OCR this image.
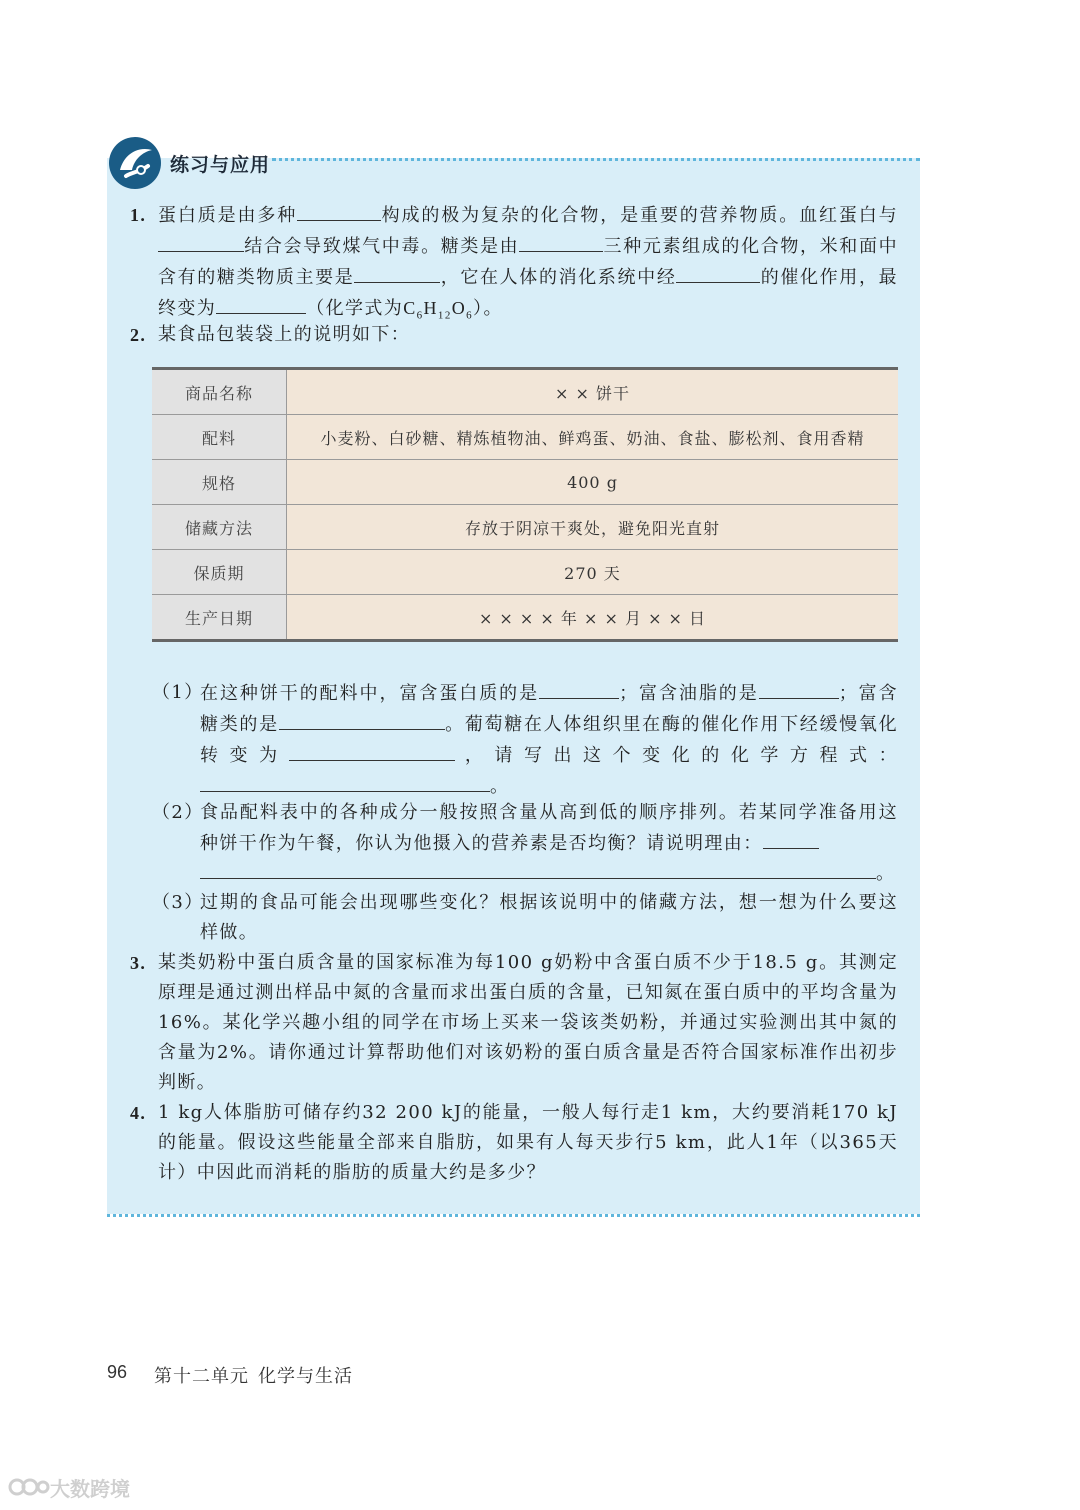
练习与应用
1. 蛋白质是由多种	构成的极为复杂的化合物，是重要的营养物质。血红蛋白与结合会导致煤气中毒。糖类是由	三种元素组成的化合物，米和面中含有的糖类物质主要是	，它在人体的消化系统中经	的催化作用，最终变为	（化学式为$C_6H_{12}O_6$）。
2. 某食品包装袋上的说明如下：
商品名称	× × 饼干
配料	小麦粉、白砂糖、精炼植物油、鲜鸡蛋、奶油、食盐、膨松剂、食用香精
规格	400 g
储藏方法	存放于阴凉干爽处，避免阳光直射
保质期	270 天
生产日期	× × × × 年 × × 月 × × 日
（1）
在这种饼干的配料中，富含蛋白质的是	；富含油脂的是	；富含糖类的是	。葡萄糖在人体组织里在酶的催化作用下经缓慢氧化转变为	，请写出这个变化的化学方程式：。
（2）
食品配料表中的各种成分一般按照含量从高到低的顺序排列。若某同学准备用这种饼干作为午餐，你认为他摄入的营养素是否均衡？请说明理由：
。
（3）
过期的食品可能会出现哪些变化？根据该说明中的储藏方法，想一想为什么要这样做。
3. 某类奶粉中蛋白质含量的国家标准为每100 g奶粉中含蛋白质不少于18.5 g。其测定原理是通过测出样品中氮的含量而求出蛋白质的含量，已知氮在蛋白质中的平均含量为16%。某化学兴趣小组的同学在市场上买来一袋该类奶粉，并通过实验测出其中氮的含量为2%。请你通过计算帮助他们对该奶粉的蛋白质含量是否符合国家标准作出初步判断。
4. 1 kg人体脂肪可储存约32 200 kJ的能量，一般人每行走1 km，大约要消耗170 kJ的能量。假设这些能量全部来自脂肪，如果有人每天步行5 km，此人1年（以365天计）中因此而消耗的脂肪的质量大约是多少？
96 第十二单元 化学与生活
大数跨境
